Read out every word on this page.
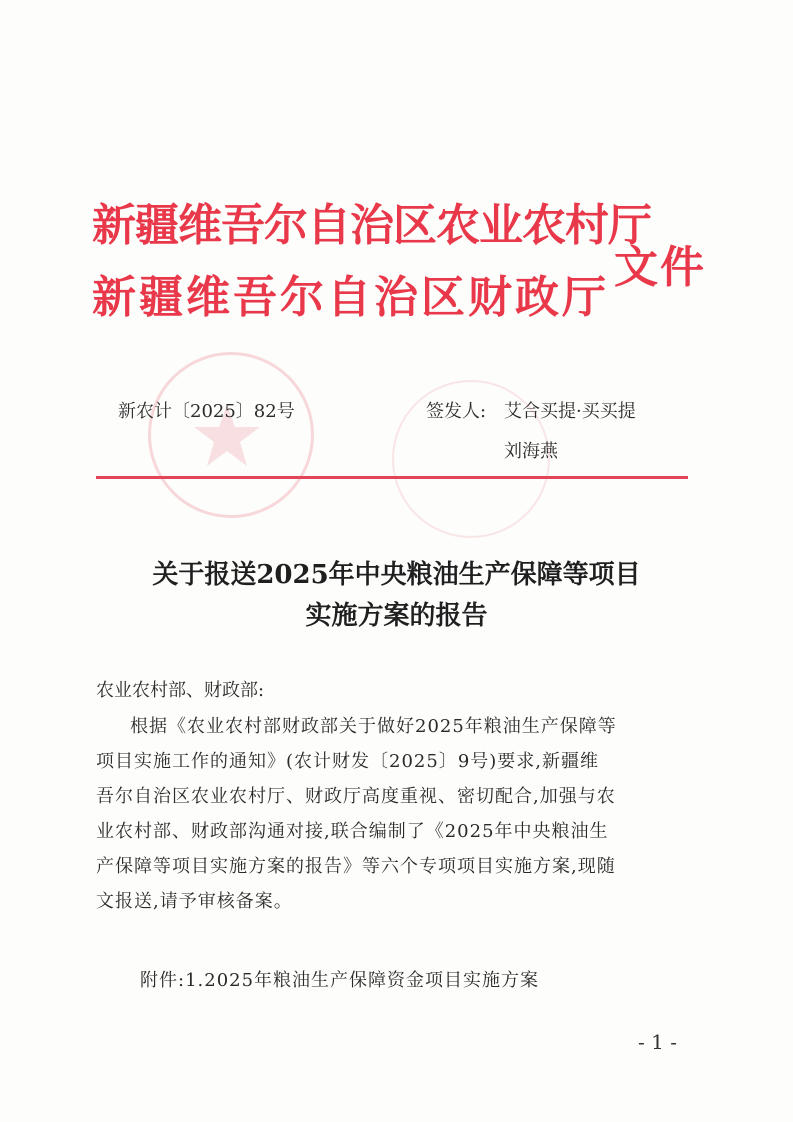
新疆维吾尔自治区农业农村厅
新疆维吾尔自治区财政厅
文件
新农计〔2025〕82号	签发人: 艾合买提·买买提
刘海燕
关于报送2025年中央粮油生产保障等项目
实施方案的报告
农业农村部、财政部:
根据《农业农村部财政部关于做好2025年粮油生产保障等
项目实施工作的通知》(农计财发〔2025〕9号)要求,新疆维
吾尔自治区农业农村厅、财政厅高度重视、密切配合,加强与农
业农村部、财政部沟通对接,联合编制了《2025年中央粮油生
产保障等项目实施方案的报告》等六个专项项目实施方案,现随
文报送,请予审核备案。
附件:1.2025年粮油生产保障资金项目实施方案
- 1 -
